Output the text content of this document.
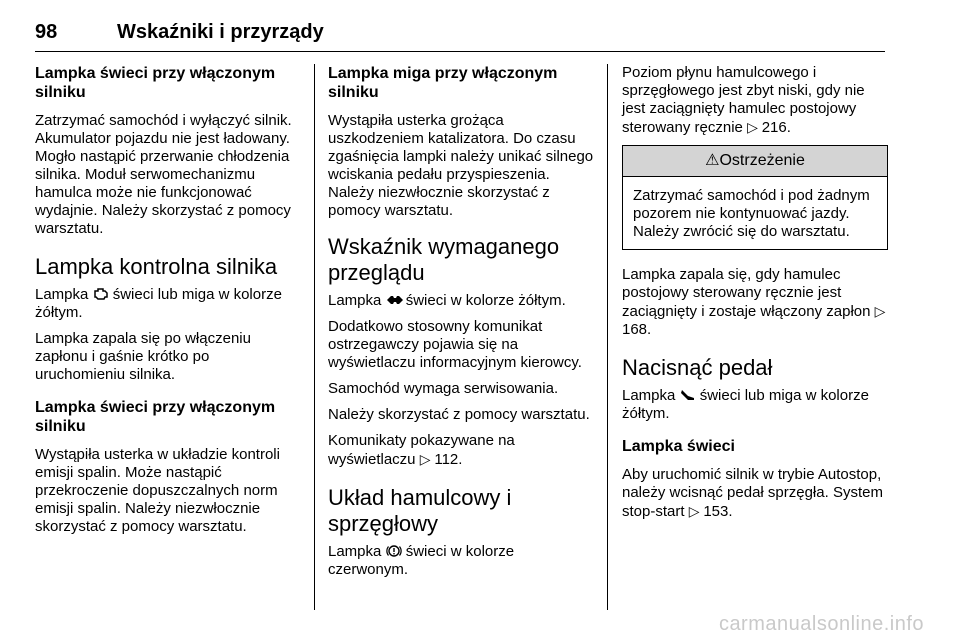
98	Wskaźniki i przyrządy
Lampka świeci przy włączonym silniku
Zatrzymać samochód i wyłączyć silnik. Akumulator pojazdu nie jest ładowany. Mogło nastąpić przerwanie chłodzenia silnika. Moduł serwomechanizmu hamulca może nie funkcjonować wydajnie. Należy skorzystać z pomocy warsztatu.
Lampka kontrolna silnika
Lampka  świeci lub miga w kolorze żółtym.
Lampka zapala się po włączeniu zapłonu i gaśnie krótko po uruchomieniu silnika.
Lampka świeci przy włączonym silniku
Wystąpiła usterka w układzie kontroli emisji spalin. Może nastąpić przekroczenie dopuszczalnych norm emisji spalin. Należy niezwłocznie skorzystać z pomocy warsztatu.
Lampka miga przy włączonym silniku
Wystąpiła usterka grożąca uszkodzeniem katalizatora. Do czasu zgaśnięcia lampki należy unikać silnego wciskania pedału przyspieszenia. Należy niezwłocznie skorzystać z pomocy warsztatu.
Wskaźnik wymaganego przeglądu
Lampka  świeci w kolorze żółtym.
Dodatkowo stosowny komunikat ostrzegawczy pojawia się na wyświetlaczu informacyjnym kierowcy.
Samochód wymaga serwisowania.
Należy skorzystać z pomocy warsztatu.
Komunikaty pokazywane na wyświetlaczu ▷ 112.
Układ hamulcowy i sprzęgłowy
Lampka  świeci w kolorze czerwonym.
Poziom płynu hamulcowego i sprzęgłowego jest zbyt niski, gdy nie jest zaciągnięty hamulec postojowy sterowany ręcznie ▷ 216.
⚠Ostrzeżenie
Zatrzymać samochód i pod żadnym pozorem nie kontynuować jazdy. Należy zwrócić się do warsztatu.
Lampka zapala się, gdy hamulec postojowy sterowany ręcznie jest zaciągnięty i zostaje włączony zapłon ▷ 168.
Nacisnąć pedał
Lampka  świeci lub miga w kolorze żółtym.
Lampka świeci
Aby uruchomić silnik w trybie Autostop, należy wcisnąć pedał sprzęgła. System stop-start ▷ 153.
carmanualsonline.info
